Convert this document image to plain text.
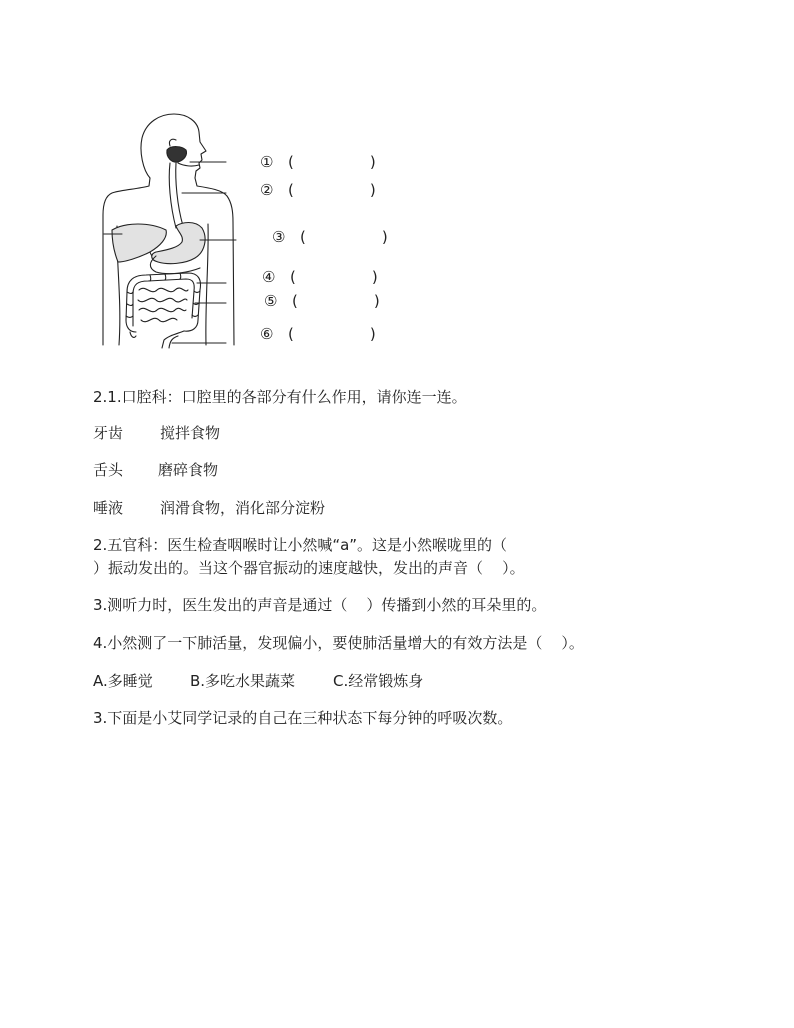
① (	)
② (	)
③ (	)
④ (	)
⑤ (	)
⑥ (	)
2.1.口腔科：口腔里的各部分有什么作用，请你连一连。
牙齿 搅拌食物
舌头 磨碎食物
唾液 润滑食物，消化部分淀粉
2.五官科：医生检查咽喉时让小然喊“a”。这是小然喉咙里的（
）振动发出的。当这个器官振动的速度越快，发出的声音（    ）。
3.测听力时，医生发出的声音是通过（    ）传播到小然的耳朵里的。
4.小然测了一下肺活量，发现偏小，要使肺活量增大的有效方法是（    ）。
A.多睡觉 B.多吃水果蔬菜	C.经常锻炼身
3.下面是小艾同学记录的自己在三种状态下每分钟的呼吸次数。
